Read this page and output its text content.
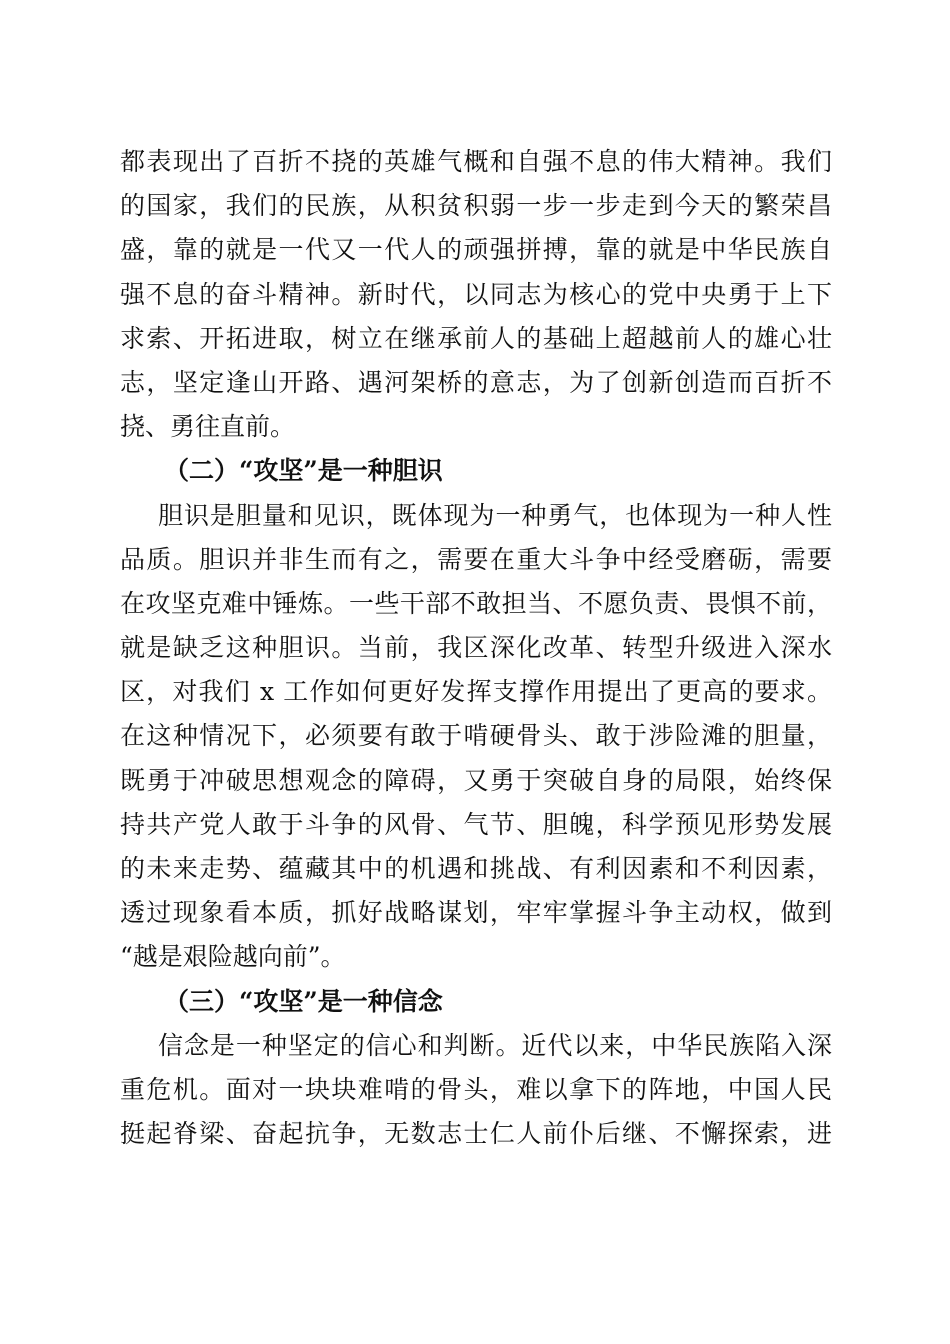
都表现出了百折不挠的英雄气概和自强不息的伟大精神。我们
的国家，我们的民族，从积贫积弱一步一步走到今天的繁荣昌
盛，靠的就是一代又一代人的顽强拼搏，靠的就是中华民族自
强不息的奋斗精神。新时代，以同志为核心的党中央勇于上下
求索、开拓进取，树立在继承前人的基础上超越前人的雄心壮
志，坚定逢山开路、遇河架桥的意志，为了创新创造而百折不
挠、勇往直前。
（二）“攻坚”是一种胆识
胆识是胆量和见识，既体现为一种勇气，也体现为一种人性
品质。胆识并非生而有之，需要在重大斗争中经受磨砺，需要
在攻坚克难中锤炼。一些干部不敢担当、不愿负责、畏惧不前，
就是缺乏这种胆识。当前，我区深化改革、转型升级进入深水
区，对我们 x 工作如何更好发挥支撑作用提出了更高的要求。
在这种情况下，必须要有敢于啃硬骨头、敢于涉险滩的胆量，
既勇于冲破思想观念的障碍，又勇于突破自身的局限，始终保
持共产党人敢于斗争的风骨、气节、胆魄，科学预见形势发展
的未来走势、蕴藏其中的机遇和挑战、有利因素和不利因素，
透过现象看本质，抓好战略谋划，牢牢掌握斗争主动权，做到
“越是艰险越向前”。
（三）“攻坚”是一种信念
信念是一种坚定的信心和判断。近代以来，中华民族陷入深
重危机。面对一块块难啃的骨头，难以拿下的阵地，中国人民
挺起脊梁、奋起抗争，无数志士仁人前仆后继、不懈探索，进
